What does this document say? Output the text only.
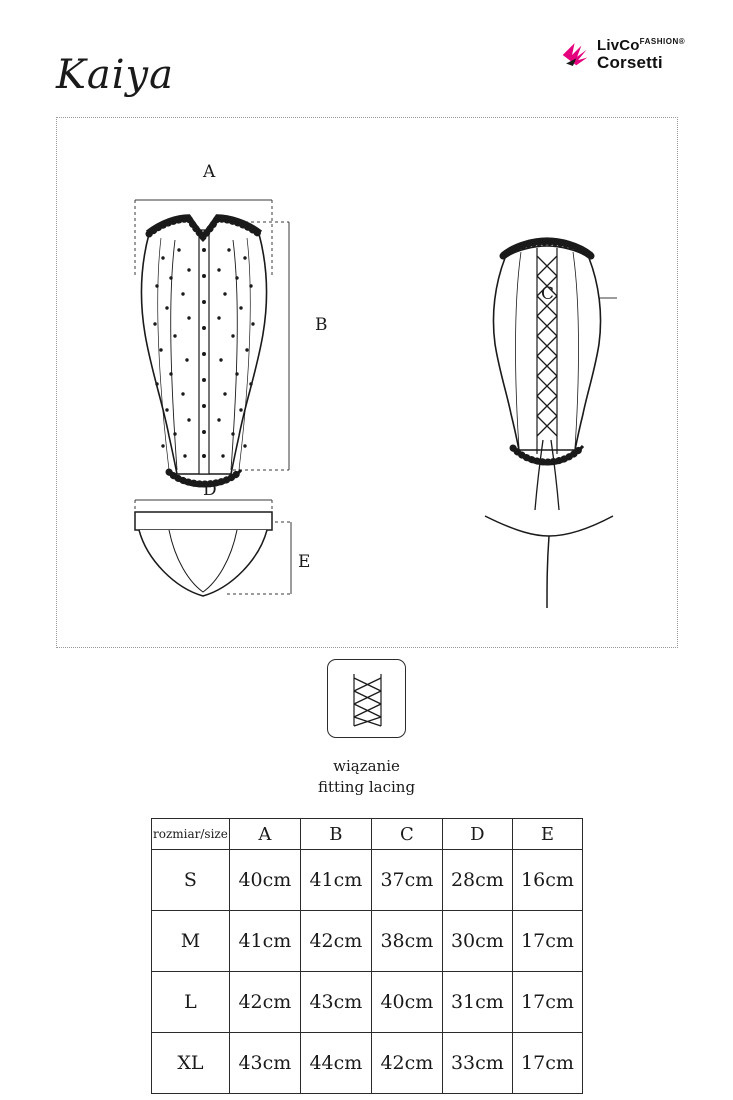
Kaiya
LivCo$^{FASHION®}$
Corsetti
A
B
C
D
E
wiązanie
fitting lacing
rozmiar/size	A	B	C	D	E
S	40cm	41cm	37cm	28cm	16cm
M	41cm	42cm	38cm	30cm	17cm
L	42cm	43cm	40cm	31cm	17cm
XL	43cm	44cm	42cm	33cm	17cm
